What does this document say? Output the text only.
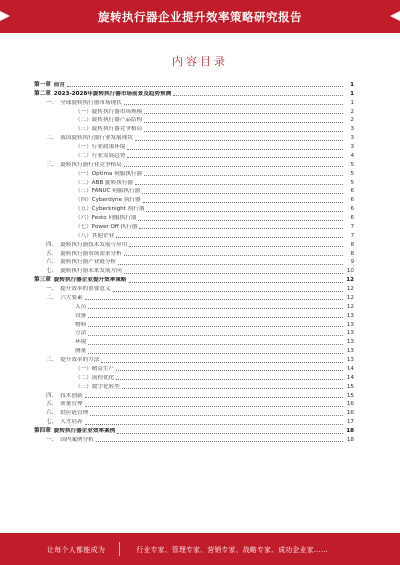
旋转执行器企业提升效率策略研究报告
内容目录
第一章 前言	1
第二章 2023-2028年旋转执行器市场前景及趋势预测	1
一、 全球旋转执行器市场现状	1
（一）旋转执行器市场规模	2
（二）旋转执行器产品结构	2
（三）旋转执行器竞争格局	3
二、 我国旋转执行器行业发展现状	3
（一）行业政策环境	3
（二）行业发展趋势	4
三、 旋转执行器行业竞争格局	5
（一）Optima 伺服执行器	5
（二）ABB 旋转执行器	5
（三）FANUC 伺服执行器	6
（四）Cyberdyne 执行器	6
（五）Cyberknight 执行器	6
（六）Festo 伺服执行器	6
（七）Power Off 执行器	7
（八）其他企业	7
四、 旋转执行器技术发展与应用	8
五、 旋转执行器市场需求分析	8
六、 旋转执行器产业链分析	9
七、 旋转执行器未来发展方向	10
第三章 旋转执行器企业提升效率策略	12
一、 提升效率的重要意义	12
二、 六大要素	12
人员	12
设备	13
物料	13
方法	13
环境	13
测量	13
三、 提升效率的方法	13
（一）精益生产	14
（二）流程优化	14
（三）数字化转型	15
四、 技术创新	15
五、 质量管理	16
六、 供应链管理	16
七、 人才培养	17
第四章 旋转执行器企业效率案例	18
一、 国内案例分析	18
让每个人都能成为	行业专家、管理专家、营销专家、战略专家、成功企业家……
